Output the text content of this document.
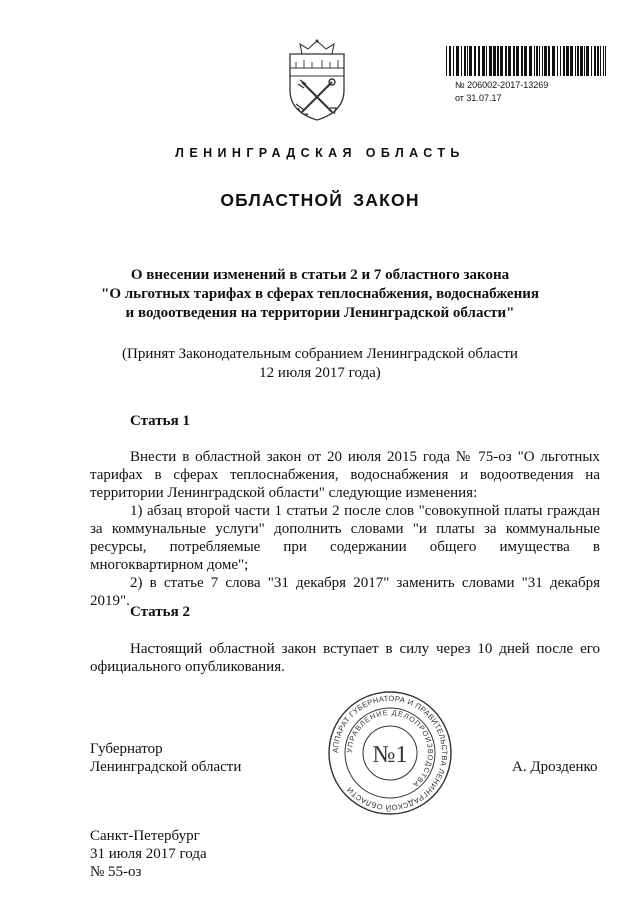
№ 206002-2017-13269
от 31.07.17
ЛЕНИНГРАДСКАЯ ОБЛАСТЬ
ОБЛАСТНОЙ ЗАКОН
О внесении изменений в статьи 2 и 7 областного закона
"О льготных тарифах в сферах теплоснабжения, водоснабжения
и водоотведения на территории Ленинградской области"
(Принят Законодательным собранием Ленинградской области
12 июля 2017 года)
Статья 1
Внести в областной закон от 20 июля 2015 года № 75-оз "О льготных тарифах в сферах теплоснабжения, водоснабжения и водоотведения на территории Ленинградской области" следующие изменения:
1) абзац второй части 1 статьи 2 после слов "совокупной платы граждан за коммунальные услуги" дополнить словами "и платы за коммунальные ресурсы, потребляемые при содержании общего имущества в многоквартирном доме";
2) в статье 7 слова "31 декабря 2017" заменить словами "31 декабря 2019".
Статья 2
Настоящий областной закон вступает в силу через 10 дней после его официального опубликования.
Губернатор
Ленинградской области	А. Дрозденко
АППАРАТ ГУБЕРНАТОРА И ПРАВИТЕЛЬСТВА ЛЕНИНГРАДСКОЙ ОБЛАСТИ
УПРАВЛЕНИЕ ДЕЛОПРОИЗВОДСТВА
№1
Санкт-Петербург
31 июля 2017 года
№ 55-оз
